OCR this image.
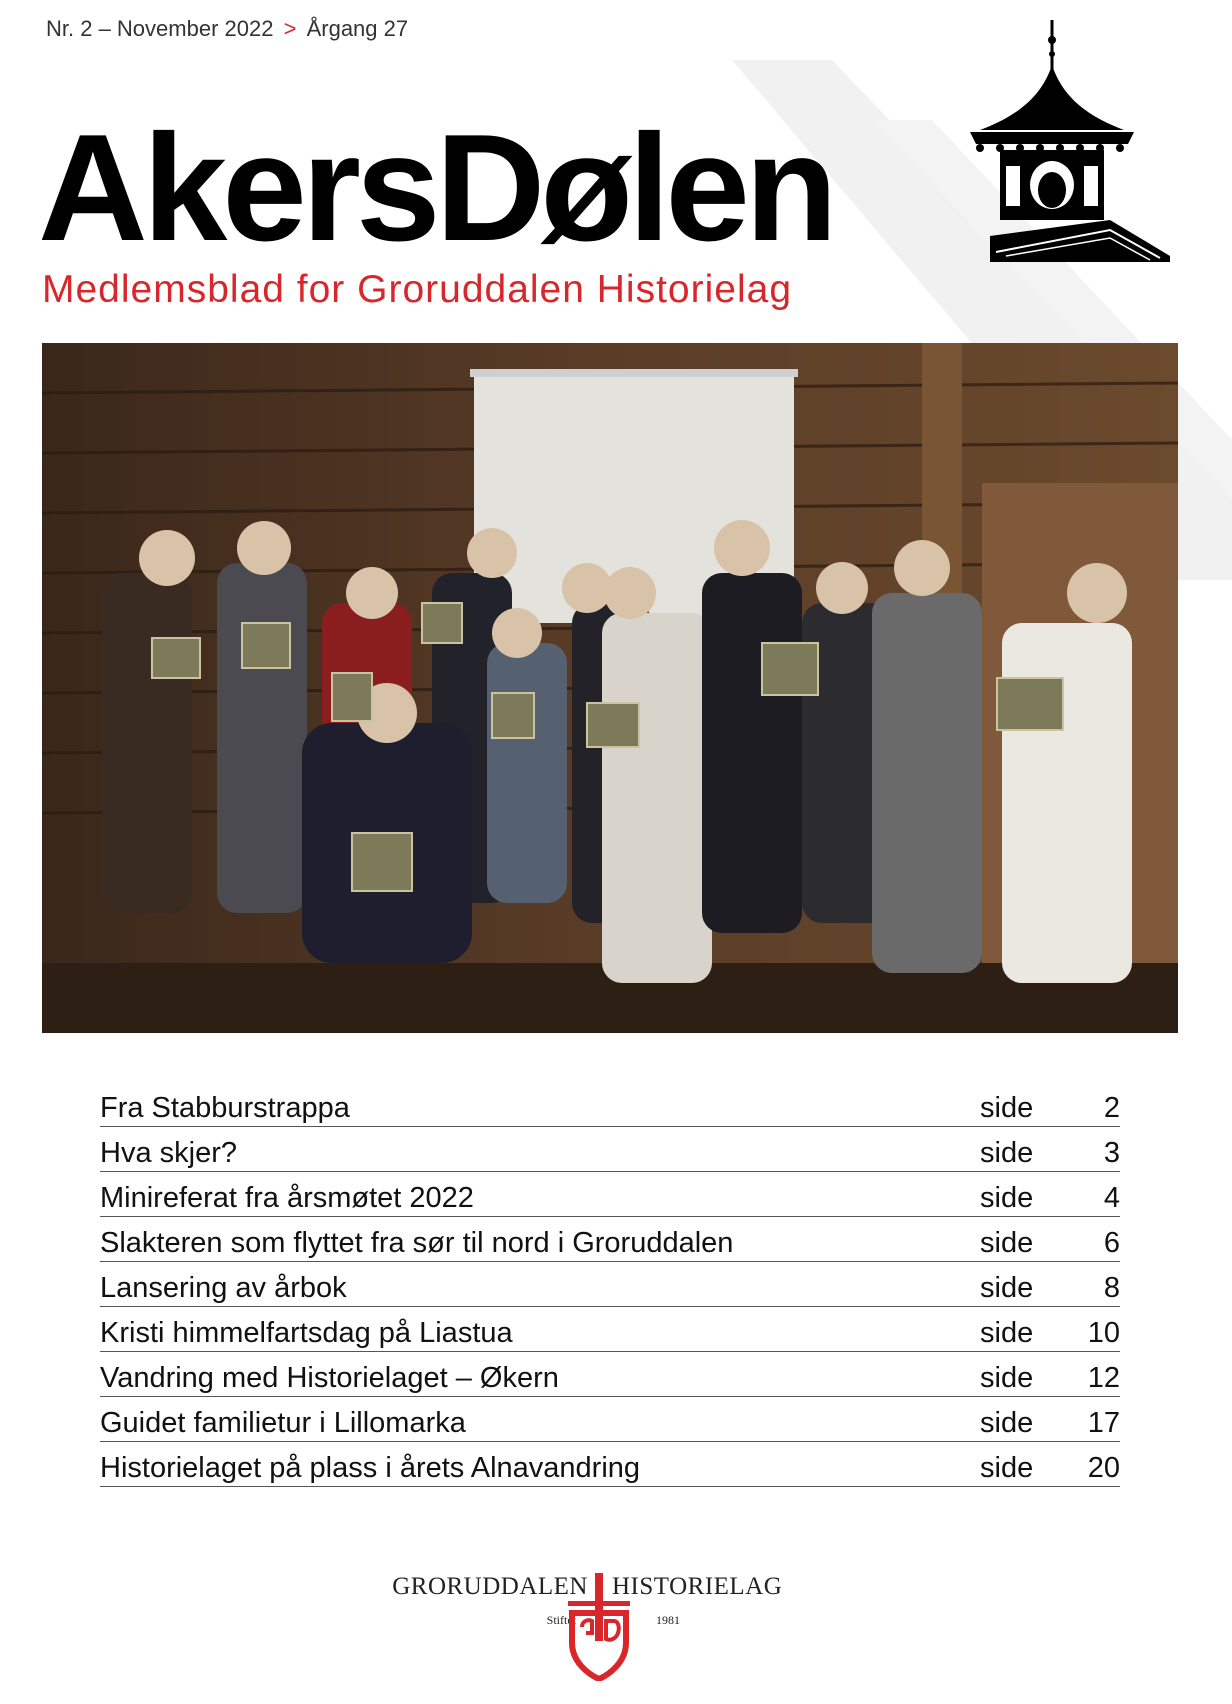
Nr. 2 – November 2022 > Årgang 27
AkersDølen
Medlemsblad for Groruddalen Historielag
Fra Stabburstrappa	side	2
Hva skjer?	side	3
Minireferat fra årsmøtet 2022	side	4
Slakteren som flyttet fra sør til nord i Groruddalen	side	6
Lansering av årbok	side	8
Kristi himmelfartsdag på Liastua	side	10
Vandring med Historielaget – Økern	side	12
Guidet familietur i Lillomarka	side	17
Historielaget på plass i årets Alnavandring	side	20
GRORUDDALEN HISTORIELAG
Stiftet	1981
